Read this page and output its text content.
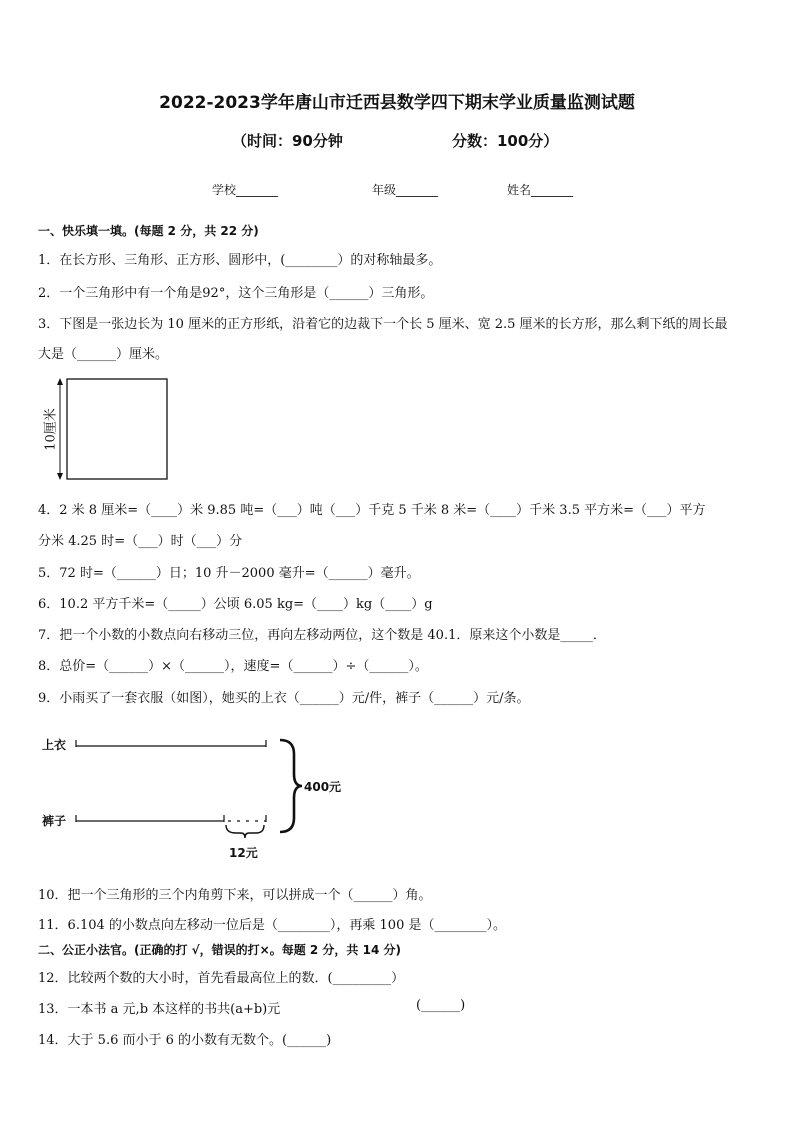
2022-2023学年唐山市迁西县数学四下期末学业质量监测试题
（时间：90分钟	分数：100分）
学校_______	年级_______	姓名_______
一、快乐填一填。(每题 2 分，共 22 分)
1．在长方形、三角形、正方形、圆形中，(________）的对称轴最多。
2．一个三角形中有一个角是92°，这个三角形是（______）三角形。
3．下图是一张边长为 10 厘米的正方形纸，沿着它的边裁下一个长 5 厘米、宽 2.5 厘米的长方形，那么剩下纸的周长最
大是（______）厘米。
10厘米
4．2 米 8 厘米=（____）米 9.85 吨=（___）吨（___）千克 5 千米 8 米=（____）千米 3.5 平方米=（___）平方
分米 4.25 时=（___）时（___）分
5．72 时=（______）日；10 升－2000 毫升=（______）毫升。
6．10.2 平方千米=（_____）公顷 6.05 kg=（____）kg（____）g
7．把一个小数的小数点向右移动三位，再向左移动两位，这个数是 40.1．原来这个小数是_____．
8．总价=（______）×（______），速度=（______）÷（______）。
9．小雨买了一套衣服（如图），她买的上衣（______）元/件，裤子（______）元/条。
上衣
裤子
400元
12元
10．把一个三角形的三个内角剪下来，可以拼成一个（______）角。
11．6.104 的小数点向左移动一位后是（________），再乘 100 是（________）。
二、公正小法官。(正确的打 √，错误的打×。每题 2 分，共 14 分)
12．比较两个数的大小时，首先看最高位上的数．(_________）
13．一本书 a 元,b 本这样的书共(a+b)元	(______)
14．大于 5.6 而小于 6 的小数有无数个。(______)
